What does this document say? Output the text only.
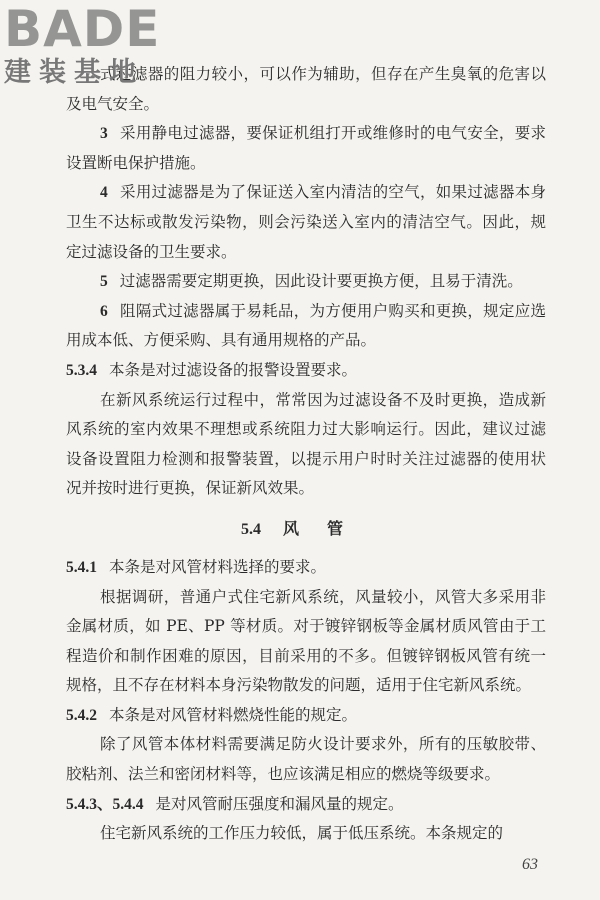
BADE
建装基地

式过滤器的阻力较小，可以作为辅助，但存在产生臭氧的危害以及电气安全。

3 采用静电过滤器，要保证机组打开或维修时的电气安全，要求设置断电保护措施。

4 采用过滤器是为了保证送入室内清洁的空气，如果过滤器本身卫生不达标或散发污染物，则会污染送入室内的清洁空气。因此，规定过滤设备的卫生要求。

5 过滤器需要定期更换，因此设计要更换方便，且易于清洗。

6 阻隔式过滤器属于易耗品，为方便用户购买和更换，规定应选用成本低、方便采购、具有通用规格的产品。

5.3.4 本条是对过滤设备的报警设置要求。

在新风系统运行过程中，常常因为过滤设备不及时更换，造成新风系统的室内效果不理想或系统阻力过大影响运行。因此，建议过滤设备设置阻力检测和报警装置，以提示用户时时关注过滤器的使用状况并按时进行更换，保证新风效果。

5.4 风管

5.4.1 本条是对风管材料选择的要求。

根据调研，普通户式住宅新风系统，风量较小，风管大多采用非金属材质，如 PE、PP 等材质。对于镀锌钢板等金属材质风管由于工程造价和制作困难的原因，目前采用的不多。但镀锌钢板风管有统一规格，且不存在材料本身污染物散发的问题，适用于住宅新风系统。

5.4.2 本条是对风管材料燃烧性能的规定。

除了风管本体材料需要满足防火设计要求外，所有的压敏胶带、胶粘剂、法兰和密闭材料等，也应该满足相应的燃烧等级要求。

5.4.3、5.4.4 是对风管耐压强度和漏风量的规定。

住宅新风系统的工作压力较低，属于低压系统。本条规定的

63
